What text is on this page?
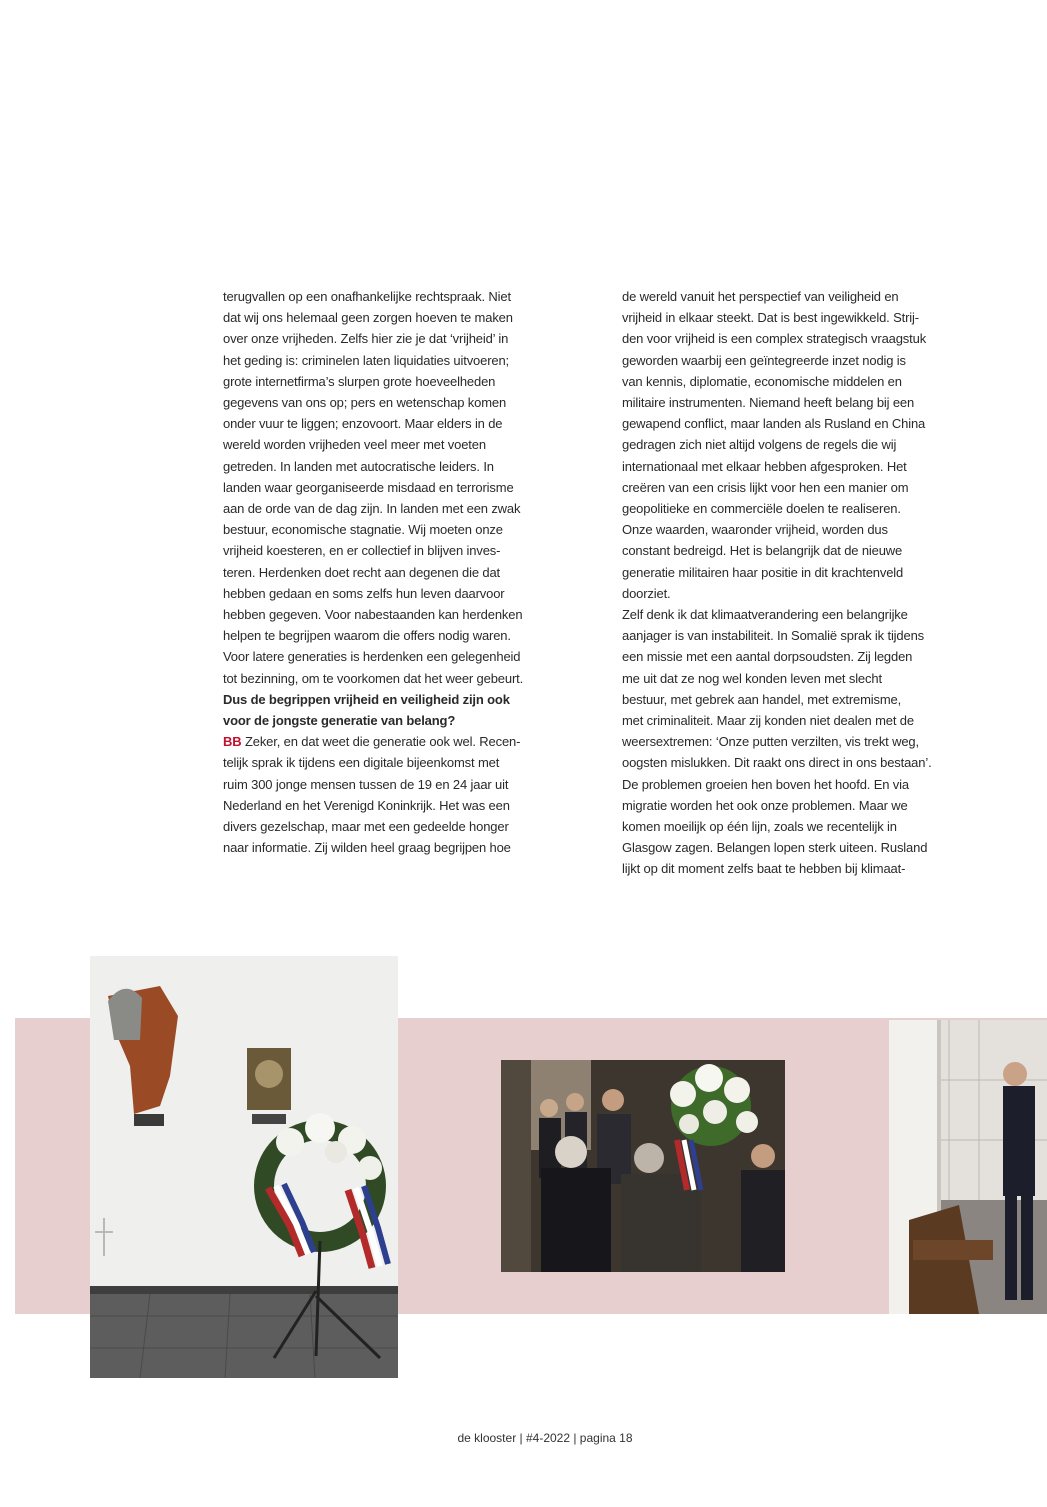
terugvallen op een onafhankelijke rechtspraak. Niet
dat wij ons helemaal geen zorgen hoeven te maken
over onze vrijheden. Zelfs hier zie je dat ‘vrijheid’ in
het geding is: criminelen laten liquidaties uitvoeren;
grote internetfirma’s slurpen grote hoeveelheden
gegevens van ons op; pers en wetenschap komen
onder vuur te liggen; enzovoort. Maar elders in de
wereld worden vrijheden veel meer met voeten
getreden. In landen met autocratische leiders. In
landen waar georganiseerde misdaad en terrorisme
aan de orde van de dag zijn. In landen met een zwak
bestuur, economische stagnatie. Wij moeten onze
vrijheid koesteren, en er collectief in blijven inves-
teren. Herdenken doet recht aan degenen die dat
hebben gedaan en soms zelfs hun leven daarvoor
hebben gegeven. Voor nabestaanden kan herdenken
helpen te begrijpen waarom die offers nodig waren.
Voor latere generaties is herdenken een gelegenheid
tot bezinning, om te voorkomen dat het weer gebeurt.

Dus de begrippen vrijheid en veiligheid zijn ook
voor de jongste generatie van belang?

BB Zeker, en dat weet die generatie ook wel. Recen-
telijk sprak ik tijdens een digitale bijeenkomst met
ruim 300 jonge mensen tussen de 19 en 24 jaar uit
Nederland en het Verenigd Koninkrijk. Het was een
divers gezelschap, maar met een gedeelde honger
naar informatie. Zij wilden heel graag begrijpen hoe

de wereld vanuit het perspectief van veiligheid en
vrijheid in elkaar steekt. Dat is best ingewikkeld. Strij-
den voor vrijheid is een complex strategisch vraagstuk
geworden waarbij een geïntegreerde inzet nodig is
van kennis, diplomatie, economische middelen en
militaire instrumenten. Niemand heeft belang bij een
gewapend conflict, maar landen als Rusland en China
gedragen zich niet altijd volgens de regels die wij
internationaal met elkaar hebben afgesproken. Het
creëren van een crisis lijkt voor hen een manier om
geopolitieke en commerciële doelen te realiseren.
Onze waarden, waaronder vrijheid, worden dus
constant bedreigd. Het is belangrijk dat de nieuwe
generatie militairen haar positie in dit krachtenveld
doorziet.
Zelf denk ik dat klimaatverandering een belangrijke
aanjager is van instabiliteit. In Somalië sprak ik tijdens
een missie met een aantal dorpsoudsten. Zij legden
me uit dat ze nog wel konden leven met slecht
bestuur, met gebrek aan handel, met extremisme,
met criminaliteit. Maar zij konden niet dealen met de
weersextremen: ‘Onze putten verzilten, vis trekt weg,
oogsten mislukken. Dit raakt ons direct in ons bestaan’.
De problemen groeien hen boven het hoofd. En via
migratie worden het ook onze problemen. Maar we
komen moeilijk op één lijn, zoals we recentelijk in
Glasgow zagen. Belangen lopen sterk uiteen. Rusland
lijkt op dit moment zelfs baat te hebben bij klimaat-

de klooster | #4-2022 | pagina 18
